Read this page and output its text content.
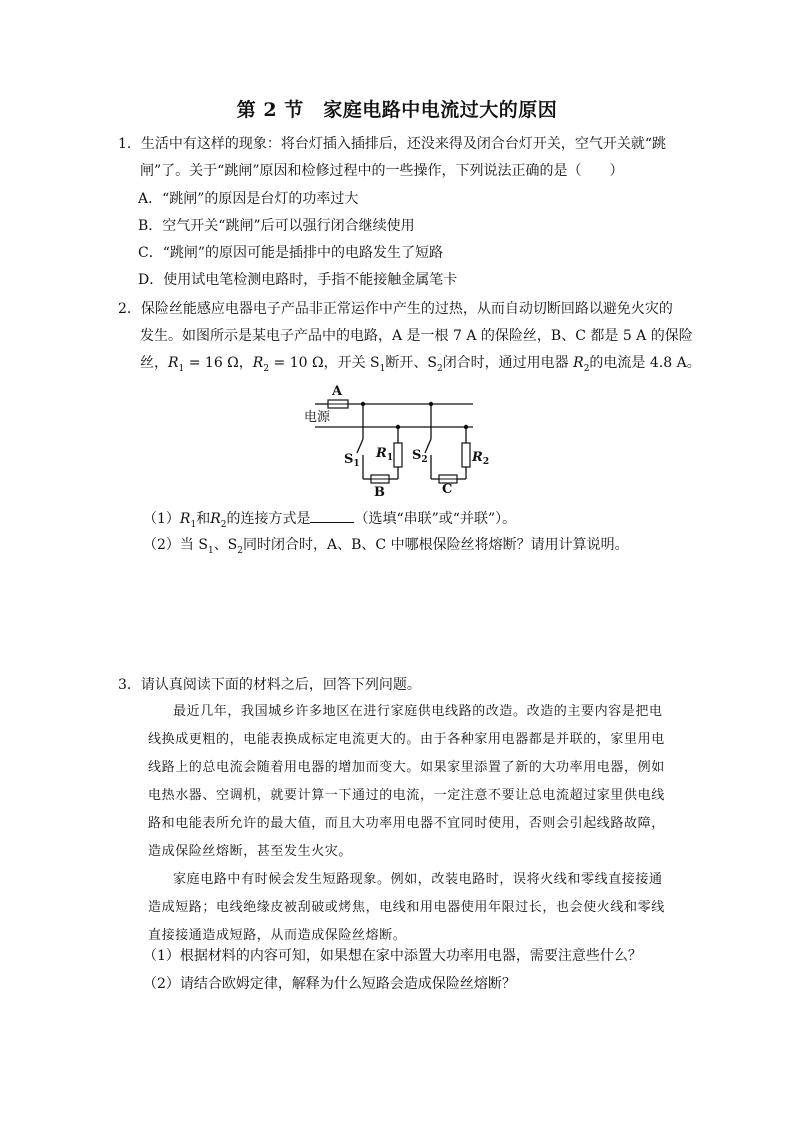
第 2 节　家庭电路中电流过大的原因
1．生活中有这样的现象：将台灯插入插排后，还没来得及闭合台灯开关，空气开关就“跳
闸”了。关于“跳闸”原因和检修过程中的一些操作，下列说法正确的是（　　）
A．“跳闸”的原因是台灯的功率过大
B．空气开关“跳闸”后可以强行闭合继续使用
C．“跳闸”的原因可能是插排中的电路发生了短路
D．使用试电笔检测电路时，手指不能接触金属笔卡
2．保险丝能感应电器电子产品非正常运作中产生的过热，从而自动切断回路以避免火灾的
发生。如图所示是某电子产品中的电路，A 是一根 7 A 的保险丝，B、C 都是 5 A 的保险
丝，$R_1 = 16$ Ω，$R_2 = 10$ Ω，开关 $S_1$断开、$S_2$闭合时，通过用电器 $R_2$的电流是 4.8 A。
A
电源
$S_1$
$R_1$
B
$S_2$	$R_2$
C
$(1)R_1$和$R_2$的连接方式是	（选填“串联”或“并联”）。
（2）当 $S_1$、$S_2$同时闭合时，A、B、C 中哪根保险丝将熔断？请用计算说明。
3．请认真阅读下面的材料之后，回答下列问题。
最近几年，我国城乡许多地区在进行家庭供电线路的改造。改造的主要内容是把电
线换成更粗的，电能表换成标定电流更大的。由于各种家用电器都是并联的，家里用电
线路上的总电流会随着用电器的增加而变大。如果家里添置了新的大功率用电器，例如
电热水器、空调机，就要计算一下通过的电流，一定注意不要让总电流超过家里供电线
路和电能表所允许的最大值，而且大功率用电器不宜同时使用，否则会引起线路故障，
造成保险丝熔断，甚至发生火灾。
家庭电路中有时候会发生短路现象。例如，改装电路时，误将火线和零线直接接通
造成短路；电线绝缘皮被刮破或烤焦，电线和用电器使用年限过长，也会使火线和零线
直接接通造成短路，从而造成保险丝熔断。
（1）根据材料的内容可知，如果想在家中添置大功率用电器，需要注意些什么？
（2）请结合欧姆定律，解释为什么短路会造成保险丝熔断？
